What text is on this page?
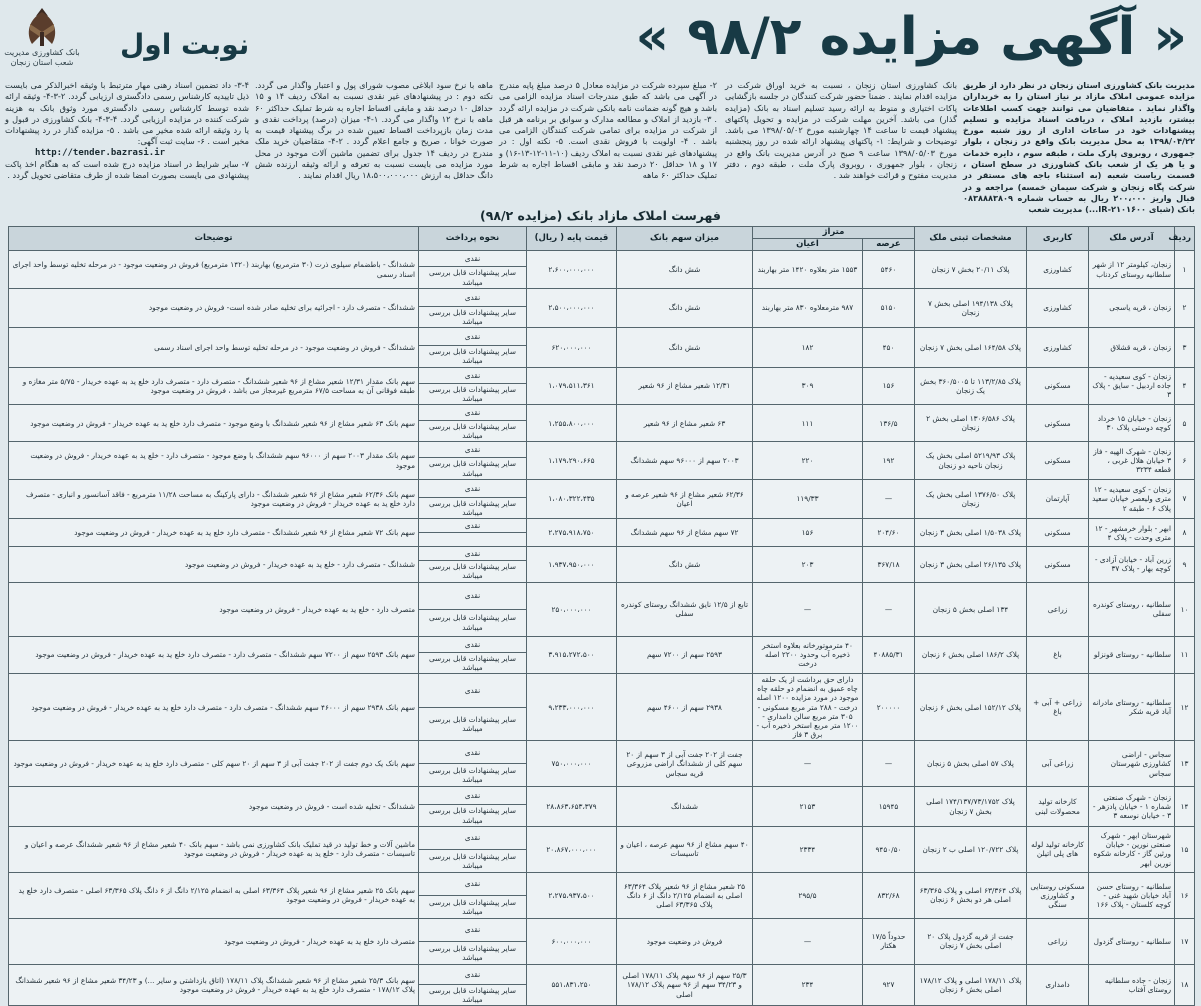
« آگهی مزایده ۹۸/۲ »
نوبت اول
بانک کشاورزی مدیریت شعب استان زنجان

مدیریت بانک کشاورزی استان زنجان در نظر دارد از طریق مزایده عمومی املاک مازاد بر نیاز استان را به خریداران واگذار نماید . متقاضیان می توانند جهت کسب اطلاعات بیشتر، بازدید املاک ، دریافت اسناد مزایده و تسلیم پیشنهادات خود در ساعات اداری از روز شنبه مورخ ۱۳۹۸/۰۴/۲۲ به محل مدیریت بانک واقع در زنجان ، بلوار جمهوری ، روبروی پارک ملت ، طبقه سوم ، دایره خدمات و یا هر یک از شعب بانک کشاورزی در سطح استان ، قسمت ریاست شعبه (به استثناء باجه های مستقر در شرکت پگاه زنجان و شرکت سیمان خمسه) مراجعه و در قبال واریز ۲۰۰،۰۰۰ ریال به حساب شماره ۰۸۳۸۸۸۳۸۰۹ بانک (شبای IR-۲۱۰۱۶۰۰...) مدیریت شعب

بانک کشاورزی استان زنجان ، نسبت به خرید اوراق شرکت در مزایده اقدام نمایند . ضمناً حضور شرکت کنندگان در جلسه بازگشایی پاکات اختیاری و منوط به ارائه رسید تسلیم اسناد به بانک (مزایده گذار) می باشد. آخرین مهلت شرکت در مزایده و تحویل پاکتهای پیشنهاد قیمت تا ساعت ۱۴ چهارشنبه مورخ ۱۳۹۸/۰۵/۰۲ می باشد. توضیحات و شرایط: ۱- پاکتهای پیشنهاد ارائه شده در روز پنجشنبه مورخ ۱۳۹۸/۰۵/۰۳ ساعت ۹ صبح در آدرس مدیریت بانک واقع در زنجان ، بلوار جمهوری ، روبروی پارک ملت ، طبقه دوم ، دفتر مدیریت مفتوح و قرائت خواهند شد .

۲- مبلغ سپرده شرکت در مزایده معادل ۵ درصد مبلغ پایه مندرج در آگهی می باشد که طبق مندرجات اسناد مزایده الزامی می باشد و هیچ گونه ضمانت نامه بانکی شرکت در مزایده ارائه گردد . ۳- بازدید از املاک و مطالعه مدارک و سوابق بر برنامه هر قبل از شرکت در مزایده برای تمامی شرکت کنندگان الزامی می باشد . ۴- اولویت با فروش نقدی است. ۵- نکته اول : در پیشنهادهای غیر نقدی نسبت به املاک ردیف (۱۰-۱۱-۱۲-۱۳-۱۶) و ۱۷ و ۱۸ حداقل ۲۰ درصد نقد و مابقی اقساط اجاره به شرط تملیک حداکثر ۶۰ ماهه

ماهه با نرخ سود ابلاغی مصوب شورای پول و اعتبار واگذار می گردد. نکته دوم : در پیشنهادهای غیر نقدی نسبت به املاک ردیف ۱۴ و ۱۵ حداقل ۱۰ درصد نقد و مابقی اقساط اجاره به شرط تملیک حداکثر ۶۰ ماهه با نرخ ۱۲ واگذار می گردد. ۱-۴- میزان (درصد) پرداخت نقدی و مدت زمان بازپرداخت اقساط تعیین شده در برگ پیشنهاد قیمت به صورت خوانا ، صریح و جامع اعلام گردد . ۲-۴- متقاضیان خرید ملک مندرج در ردیف ۱۴ جدول برای تضمین ماشین آلات موجود در محل مورد مزایده می بایست نسبت به تعرفه و ارائه وثیقه ارزنده شش دانگ حداقل به ارزش ۱۸،۵۰۰،۰۰۰،۰۰۰ ریال اقدام نمایند .

۳-۴- داد تضمین اسناد رهنی مهار مترتبط با وثیقه اخبرالذکر می بایست ذیل تاییدیه کارشناس رسمی دادگستری ارزیابی گردد. ۲-۳-۴- وثیقه ارائه شده توسط کارشناس رسمی دادگستری مورد وثوق بانک به هزینه شرکت کننده در مزایده ارزیابی گردد. ۴-۳-۴- بانک کشاورزی در قبول و یا رد وثیقه ارائه شده مخیر می باشد . ۵- مزایده گذار در رد پیشنهادات مخیر است . ۶- سایت ثبت آگهی:

http://tender.bazrasi.ir

۷- سایر شرایط در اسناد مزایده درج شده است که به هنگام اخذ پاکت پیشنهادی می بایست بصورت امضا شده از طرف متقاضی تحویل گردد .

فهرست املاک مازاد بانک (مزایده ۹۸/۲)
ردیف	آدرس ملک	کاربری	مشخصات ثبتی ملک	متراژ		میزان سهم بانک	قیمت پایه ( ریال)	نحوه پرداخت	توضیحات
				عرصه	اعیان				
۱	زنجان، کیلومتر ۱۲ از شهر سلطانیه روستای کردناب	کشاورزی	پلاک ۲۰/۱۱ بخش ۷ زنجان	۵۴۶۰	۱۵۵۳ متر بعلاوه ۱۴۲۰ متر بهاربند	شش دانگ	۲،۶۰۰،۰۰۰،۰۰۰	نقدی	ششدانگ - باطضمام سیلوی ذرت (۳۰ مترمربع) بهاربند (۱۴۲۰ مترمربع) فروش در وضعیت موجود - در مرحله تخلیه توسط واحد اجرای اسناد رسمی
								سایر پیشنهادات قابل بررسی میباشد	
۲	زنجان ، قریه یاسجی	کشاورزی	پلاک ۱۹۴/۱۳۸ اصلی بخش ۷ زنجان	۵۱۵۰	۹۸۷ مترمعلاوه ۸۳۰ متر بهاربند	شش دانگ	۲،۵۰۰،۰۰۰،۰۰۰	نقدی	ششدانگ - متصرف دارد - اجرائیه برای تخلیه صادر شده است- فروش در وضعیت موجود
								سایر پیشنهادات قابل بررسی میباشد	
۳	زنجان ، قریه قشلاق	کشاورزی	پلاک ۱۶۴/۵۸ اصلی بخش ۷ زنجان	۴۵۰	۱۸۲	شش دانگ	۶۲۰،۰۰۰،۰۰۰	نقدی	ششدانگ - فروش در وضعیت موجود - در مرحله تخلیه توسط واحد اجرای اسناد رسمی
								سایر پیشنهادات قابل بررسی میباشد	
۴	زنجان - کوی سعیدیه - جاده اردبیل - سایق - پلاک ۳	مسکونی	پلاک ۱۱۳/۲/۸۵ تا ۳۶۰/۵۰۰۵ بخش یک زنجان	۱۵۶	۳۰۹	۱۲/۳۱ شعیر مشاع از ۹۶ شعیر	۱،۰۷۹،۵۱۱،۳۶۱	نقدی	سهم بانک مقدار ۱۲/۳۱ شعیر مشاع از ۹۶ شعیر ششدانگ - متصرف دارد - متصرف دارد خلع ید به عهده خریدار - ۵/۷۵ متر مغازه و طبقه فوقانی آن به مساحت ۶۷/۵ مترمربع غیرمجاز می باشد ، فروش در وضعیت موجود
								سایر پیشنهادات قابل بررسی میباشد	
۵	زنجان - خیابان ۱۵ خرداد کوچه دوستی پلاک ۳۰	مسکونی	پلاک ۱۳۰۶/۵۸۶ اصلی بخش ۲ زنجان	۱۳۶/۵	۱۱۱	۶۳ شعیر مشاع از ۹۶ شعیر	۱،۲۵۵،۸۰۰،۰۰۰	نقدی	سهم بانک ۶۳ شعیر مشاع از ۹۶ شعیر ششدانگ با وضع موجود - متصرف دارد خلع ید به عهده خریدار - فروش در وضعیت موجود
								سایر پیشنهادات قابل بررسی میباشد	
۶	زنجان - شهرک الهیه - فاز ۳ خیابان هلال غربی ، قطعه ۳۲۳۴	مسکونی	پلاک ۵۲۱۹/۹۳ اصلی بخش یک زنجان ناحیه دو زنجان	۱۹۲	۲۲۰	۲۰۰۳ سهم از ۹۶۰۰۰ سهم ششدانگ	۱،۱۷۹،۲۹۰،۶۶۵	نقدی	سهم بانک مقدار ۲۰۰۳ سهم از ۹۶۰۰۰ سهم ششدانگ با وضع موجود - متصرف دارد - خلع ید به عهده خریدار - فروش در وضعیت موجود
								سایر پیشنهادات قابل بررسی میباشد	
۷	زنجان - کوی سعیدیه - ۱۲ متری ولیعصر خیابان سعید پلاک ۶ - طبقه ۲	آپارتمان	پلاک ۱۳۷۶/۵۰ اصلی بخش یک زنجان	—	۱۱۹/۳۳	۶۲/۳۶ شعیر مشاع از ۹۶ شعیر عرصه و اعیان	۱،۰۸۰،۳۲۲،۴۳۵	نقدی	سهم بانک ۶۲/۳۶ شعیر مشاع از ۹۶ شعیر ششدانگ - دارای پارکینگ به مساحت ۱۱/۲۸ مترمربع - فاقد آسانسور و انباری - متصرف دارد خلع ید به عهده خریدار - فروش در وضعیت موجود
								سایر پیشنهادات قابل بررسی میباشد	
۸	ابهر - بلوار خرمشهر - ۱۲ متری وحدت - پلاک ۴	مسکونی	پلاک ۱/۵۰۳۸ اصلی بخش ۳ زنجان	۲۰۴/۶۰	۱۵۶	۷۲ سهم مشاع از ۹۶ سهم ششدانگ	۲،۲۷۵،۹۱۸،۷۵۰	نقدی	سهم بانک ۷۲ شعیر مشاع از ۹۶ شعیر ششدانگ - متصرف دارد خلع ید به عهده خریدار - فروش در وضعیت موجود

۹	زرین آباد - خیابان آزادی - کوچه بهار - پلاک ۳۷	مسکونی	پلاک ۲۶/۱۳۵ اصلی بخش ۳ زنجان	۳۶۷/۱۸	۲۰۳	شش دانگ	۱،۹۳۷،۹۵۰،۰۰۰	نقدی	ششدانگ - متصرف دارد - خلع ید به عهده خریدار - فروش در وضعیت موجود
								سایر پیشنهادات قابل بررسی میباشد	
۱۰	سلطانیه ، روستای کوندره سفلی	زراعی	۱۳۴ اصلی بخش ۵ زنجان	—	—	تابع از ۱۲/۵ نایق ششدانگ روستای کوندره سفلی	۲۵۰،۰۰۰،۰۰۰	نقدی	متصرف دارد - خلع ید به عهده خریدار - فروش در وضعیت موجود
								سایر پیشنهادات قابل بررسی میباشد	
۱۱	سلطانیه - روستای قونزلو	باغ	پلاک ۱۸۶/۲ اصلی بخش ۶ زنجان	۴۰۸۸۵/۳۱	۴۰ مترموتورخانه بعلاوه استخر ذخیره آب وحدود ۲۲۰۰ اصله درخت	۲۵۹۳ سهم از ۷۲۰۰ سهم	۳،۹۱۵،۲۷۲،۵۰۰	نقدی	سهم بانک ۲۵۹۳ سهم از ۷۲۰۰ سهم ششدانگ - متصرف دارد - متصرف دارد خلع ید به عهده خریدار - فروش در وضعیت موجود
								سایر پیشنهادات قابل بررسی میباشد	
۱۲	سلطانیه - روستای مادرانه آباد قریه شکر	زراعی + آبی + باغ	پلاک ۱۵۲/۱۲ اصلی بخش ۶ زنجان	۲۰۰۰۰۰	دارای حق برداشت از یک حلقه چاه عمیق به انضمام دو حلقه چاه موجود در مورد مزایده ۱۲۰۰ اصله درخت - ۲۸۸ متر مربع مسکونی - ۳۰۵ متر مربع سالن دامداری - ۱۲۰۰ متر مربع استخر ذخیره آب - برق ۳ فاز	۲۹۳۸ سهم از ۴۶۰۰ سهم	۹،۲۳۳،۰۰۰،۰۰۰	نقدی	سهم بانک ۲۹۳۸ سهم از ۴۶۰۰۰ سهم ششدانگ - متصرف دارد - متصرف دارد خلع ید به عهده خریدار - فروش در وضعیت موجود
								سایر پیشنهادات قابل بررسی میباشد	
۱۳	سجاس - اراضی کشاورزی شهرستان سجاس	زراعی آبی	پلاک ۵۷ اصلی بخش ۵ زنجان	—	—	جفت از ۲۰۲ جفت آبی از ۳ سهم از ۲۰ سهم کلی از ششدانگ اراضی مزروعی قریه سجاس	۷۵۰،۰۰۰،۰۰۰	نقدی	سهم بانک یک دوم جفت از ۲۰۲ جفت آبی از ۳ سهم از ۲۰ سهم کلی - متصرف دارد خلع ید به عهده خریدار - فروش در وضعیت موجود
								سایر پیشنهادات قابل بررسی میباشد	
۱۴	زنجان - شهرک صنعتی شماره ۱ - خیابان پادزهر - ۳ - خیابان نوسعه ۳	کارخانه تولید محصولات لبنی	پلاک ۱۷۴/۱۳۷/۷۳/۱۷۵۲ اصلی بخش ۷ زنجان	۱۵۹۴۵	۲۱۵۳	ششدانگ	۲۸،۸۶۳،۶۵۳،۳۷۹	نقدی	ششدانگ - تخلیه شده است - فروش در وضعیت موجود
								سایر پیشنهادات قابل بررسی میباشد	
۱۵	شهرستان ابهر - شهرک صنعتی نورین - خیابان ورثین گاز - کارخانه شکوه نورین ابهر	کارخانه تولید لوله های پلی اتیلن	پلاک ۱۲۰/۷۲۲ اصلی ب ۲ زنجان	۹۴۵۰/۵۰	۲۳۳۴	۴۰ سهم مشاع از ۹۶ سهم عرصه ، اعیان و تاسیسات	۲۰،۸۶۷،۰۰۰،۰۰۰	نقدی	ماشین آلات و خط تولید در قید تملیک بانک کشاورزی نمی باشد - سهم بانک ۴۰ شعیر مشاع از ۹۶ شعیر ششدانگ عرصه و اعیان و تاسیسات - متصرف دارد - خلع ید به عهده خریدار - فروش در وضعیت موجود
								سایر پیشنهادات قابل بررسی میباشد	
۱۶	سلطانیه - روستای حسن آباد خیابان شهید غنی - کوچه کلستان - پلاک ۱۶۶	مسکونی روستایی و کشاورزی سنگی	پلاک ۶۳/۳۶۴ اصلی و پلاک ۶۳/۳۶۵ اصلی هر دو بخش ۶ زنجان	۸۳۲/۶۸	۲۹۵/۵	۲۵ شعیر مشاع از ۹۶ شعیر پلاک ۶۳/۳۶۴ اصلی به انضمام ۲/۱۲۵ دانگ از ۶ دانگ پلاک ۶۳/۳۶۵ اصلی	۲،۲۷۵،۹۳۷،۵۰۰	نقدی	سهم بانک ۲۵ شعیر مشاع از ۹۶ شعیر پلاک ۶۳/۳۶۴ اصلی به انضمام ۲/۱۲۵ دانگ از ۶ دانگ پلاک ۶۳/۳۶۵ اصلی - متصرف دارد خلع ید به عهده خریدار - فروش در وضعیت موجود
								سایر پیشنهادات قابل بررسی میباشد	
۱۷	سلطانیه - روستای گزدول	زراعی	جفت از قریه گزدول پلاک ۲۰ اصلی بخش ۷ زنجان	حدوداً ۱۷/۵ هکتار	—	فروش در وضعیت موجود	۶۰۰،۰۰۰،۰۰۰	نقدی	متصرف دارد خلع ید به عهده خریدار - فروش در وضعیت موجود
								سایر پیشنهادات قابل بررسی میباشد	
۱۸	زنجان - جاده سلطانیه روستای آفتاب	دامداری	پلاک ۱۷۸/۱۱ اصلی و پلاک ۱۷۸/۱۲ اصلی بخش ۶ زنجان	۹۲۷	۲۳۴	۲۵/۳ سهم از ۹۶ سهم پلاک ۱۷۸/۱۱ اصلی و ۳۴/۲۳ سهم از ۹۶ سهم پلاک ۱۷۸/۱۲ اصلی	۵۵۱،۸۳۱،۲۵۰	نقدی	سهم بانک ۲۵/۳ شعیر مشاع از ۹۶ شعیر ششدانگ پلاک ۱۷۸/۱۱ (اتاق بازداشتی و سایر ...) و ۳۴/۲۳ شعیر مشاع از ۹۶ شعیر ششدانگ پلاک ۱۷۸/۱۲ - متصرف دارد خلع ید به عهده خریدار - فروش در وضعیت موجود
								سایر پیشنهادات قابل بررسی میباشد	
